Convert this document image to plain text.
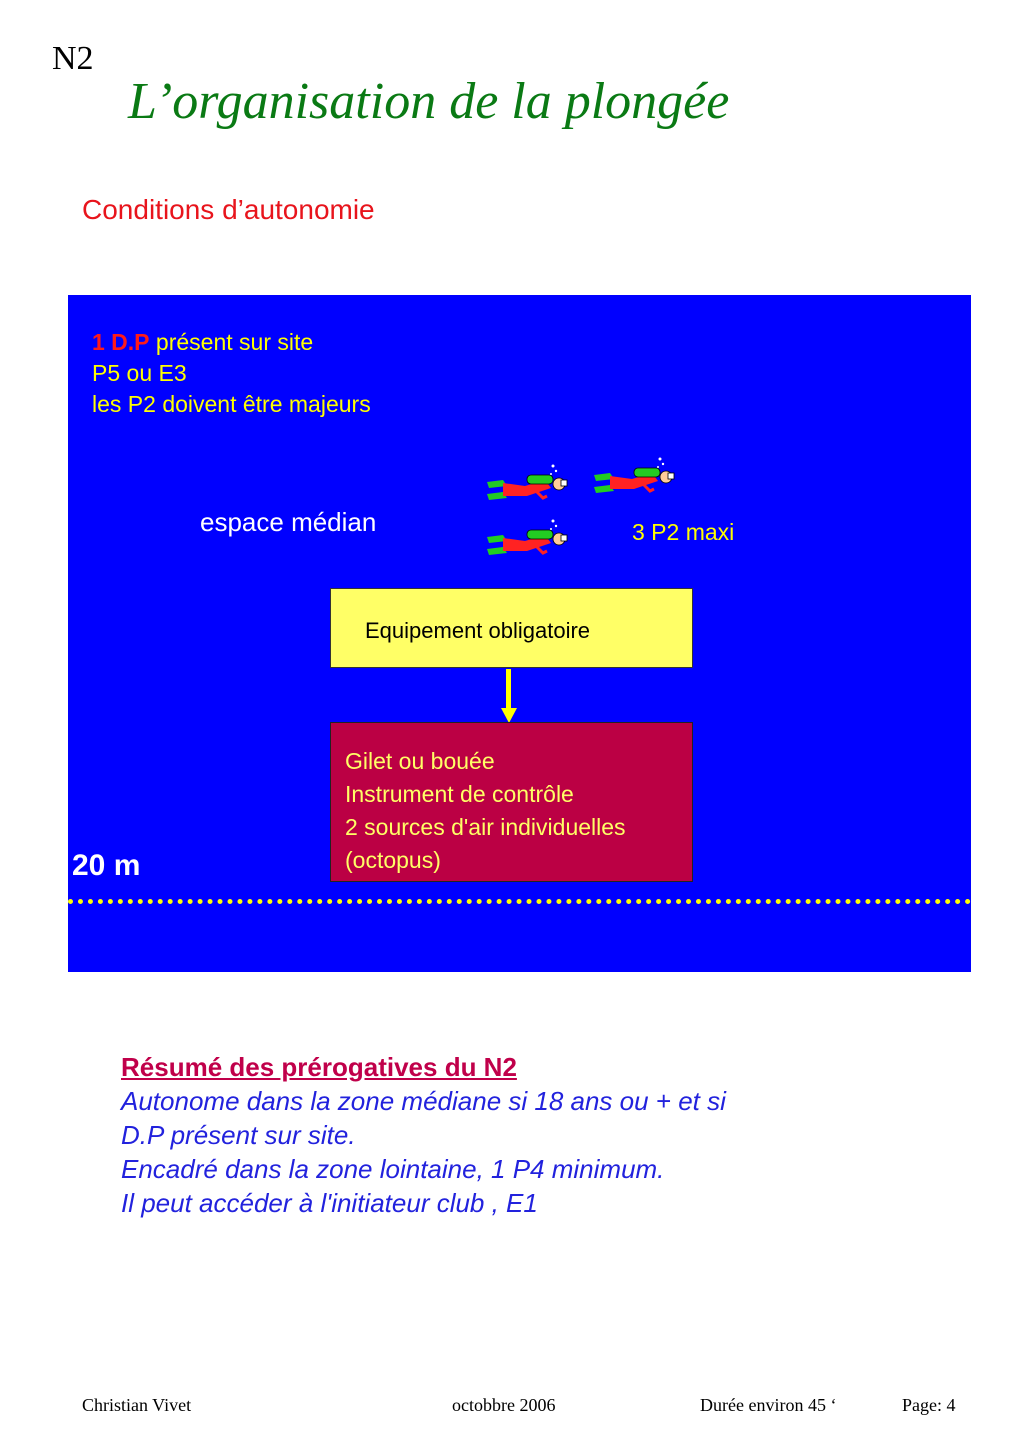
N2
L’organisation de la plongée
Conditions d’autonomie
1 D.P présent sur site
P5 ou E3
les P2 doivent être majeurs
espace médian	3 P2 maxi
Equipement obligatoire
Gilet ou bouée
Instrument de contrôle
2 sources d'air individuelles
(octopus)
20 m
Résumé des prérogatives du N2
Autonome dans la zone médiane si 18 ans ou + et si
D.P présent sur site.
Encadré dans la zone lointaine, 1 P4 minimum.
Il peut accéder à l'initiateur club , E1
Christian Vivet	octobbre 2006	Durée environ 45 ‘	Page: 4
